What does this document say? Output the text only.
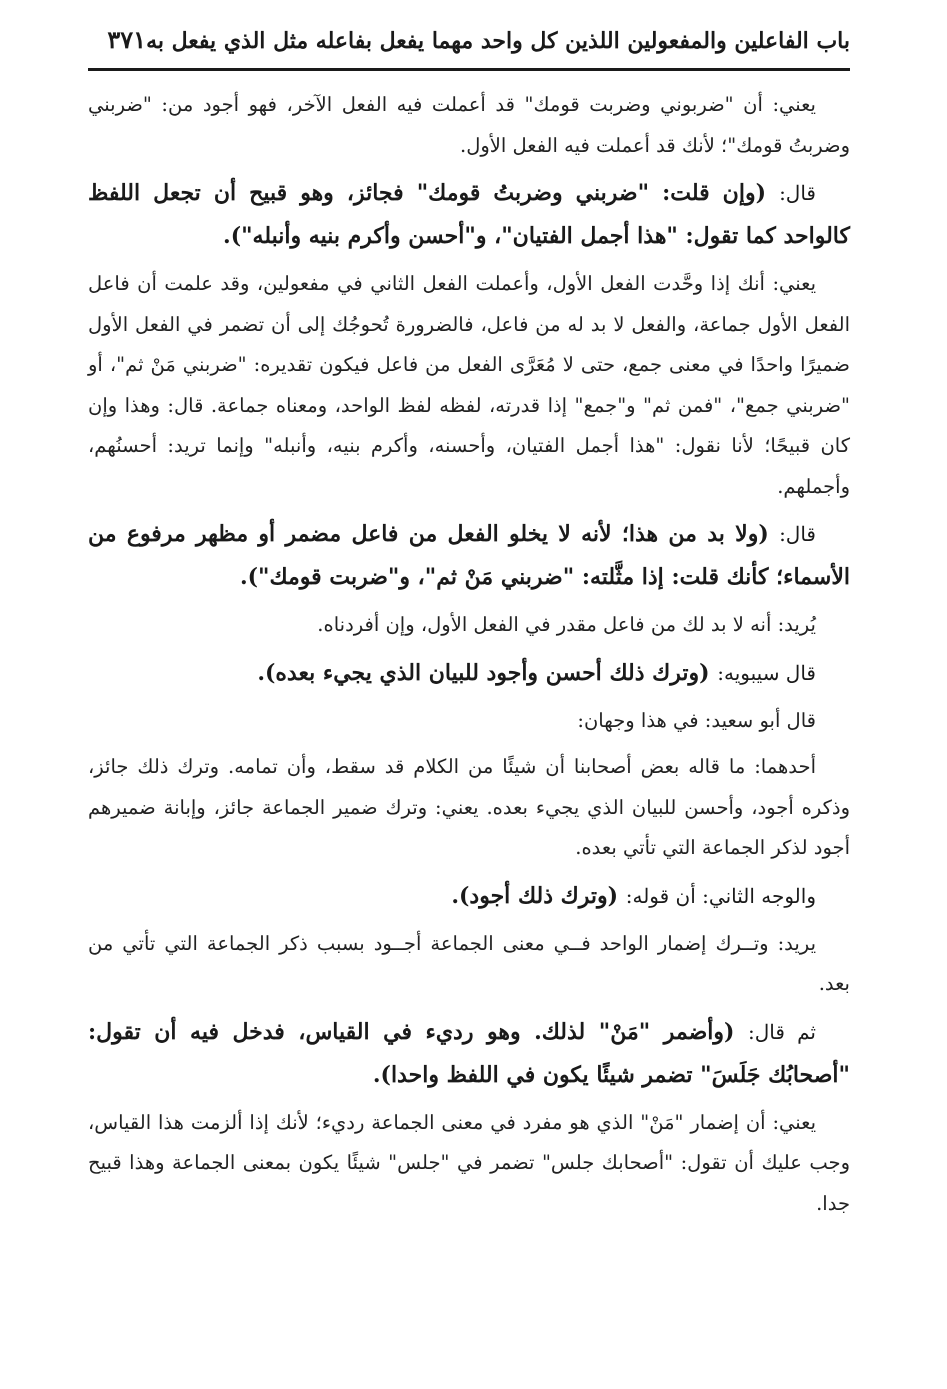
باب الفاعلين والمفعولين اللذين كل واحد مهما يفعل بفاعله مثل الذي يفعل به
٣٧١

يعني: أن "ضربوني وضربت قومك" قد أعملت فيه الفعل الآخر، فهو أجود من: "ضربني وضربتُ قومك"؛ لأنك قد أعملت فيه الفعل الأول.

قال: (وإن قلت: "ضربني وضربتُ قومك" فجائز، وهو قبيح أن تجعل اللفظ كالواحد كما تقول: "هذا أجمل الفتيان"، و"أحسن وأكرم بنيه وأنبله").

يعني: أنك إذا وحَّدت الفعل الأول، وأعملت الفعل الثاني في مفعولين، وقد علمت أن فاعل الفعل الأول جماعة، والفعل لا بد له من فاعل، فالضرورة تُحوجُك إلى أن تضمر في الفعل الأول ضميرًا واحدًا في معنى جمع، حتى لا مُعَرَّى الفعل من فاعل فيكون تقديره: "ضربني مَنْ ثم"، أو "ضربني جمع"، "فمن ثم" و"جمع" إذا قدرته، لفظه لفظ الواحد، ومعناه جماعة. قال: وهذا وإن كان قبيحًا؛ لأنا نقول: "هذا أجمل الفتيان، وأحسنه، وأكرم بنيه، وأنبله" وإنما تريد: أحسنُهم، وأجملهم.

قال: (ولا بد من هذا؛ لأنه لا يخلو الفعل من فاعل مضمر أو مظهر مرفوع من الأسماء؛ كأنك قلت: إذا مثَّلته: "ضربني مَنْ ثم"، و"ضربت قومك").

يُريد: أنه لا بد لك من فاعل مقدر في الفعل الأول، وإن أفردناه.

قال سيبويه: (وترك ذلك أحسن وأجود للبيان الذي يجيء بعده).

قال أبو سعيد: في هذا وجهان:

أحدهما: ما قاله بعض أصحابنا أن شيئًا من الكلام قد سقط، وأن تمامه. وترك ذلك جائز، وذكره أجود، وأحسن للبيان الذي يجيء بعده. يعني: وترك ضمير الجماعة جائز، وإبانة ضميرهم أجود لذكر الجماعة التي تأتي بعده.

والوجه الثاني: أن قوله: (وترك ذلك أجود).

يريد: وتــرك إضمار الواحد فــي معنى الجماعة أجــود بسبب ذكر الجماعة التي تأتي من بعد.

ثم قال: (وأضمر "مَنْ" لذلك. وهو رديء في القياس، فدخل فيه أن تقول: "أصحابُك جَلَسَ" تضمر شيئًا يكون في اللفظ واحدا).

يعني: أن إضمار "مَنْ" الذي هو مفرد في معنى الجماعة رديء؛ لأنك إذا ألزمت هذا القياس، وجب عليك أن تقول: "أصحابك جلس" تضمر في "جلس" شيئًا يكون بمعنى الجماعة وهذا قبيح جدا.
